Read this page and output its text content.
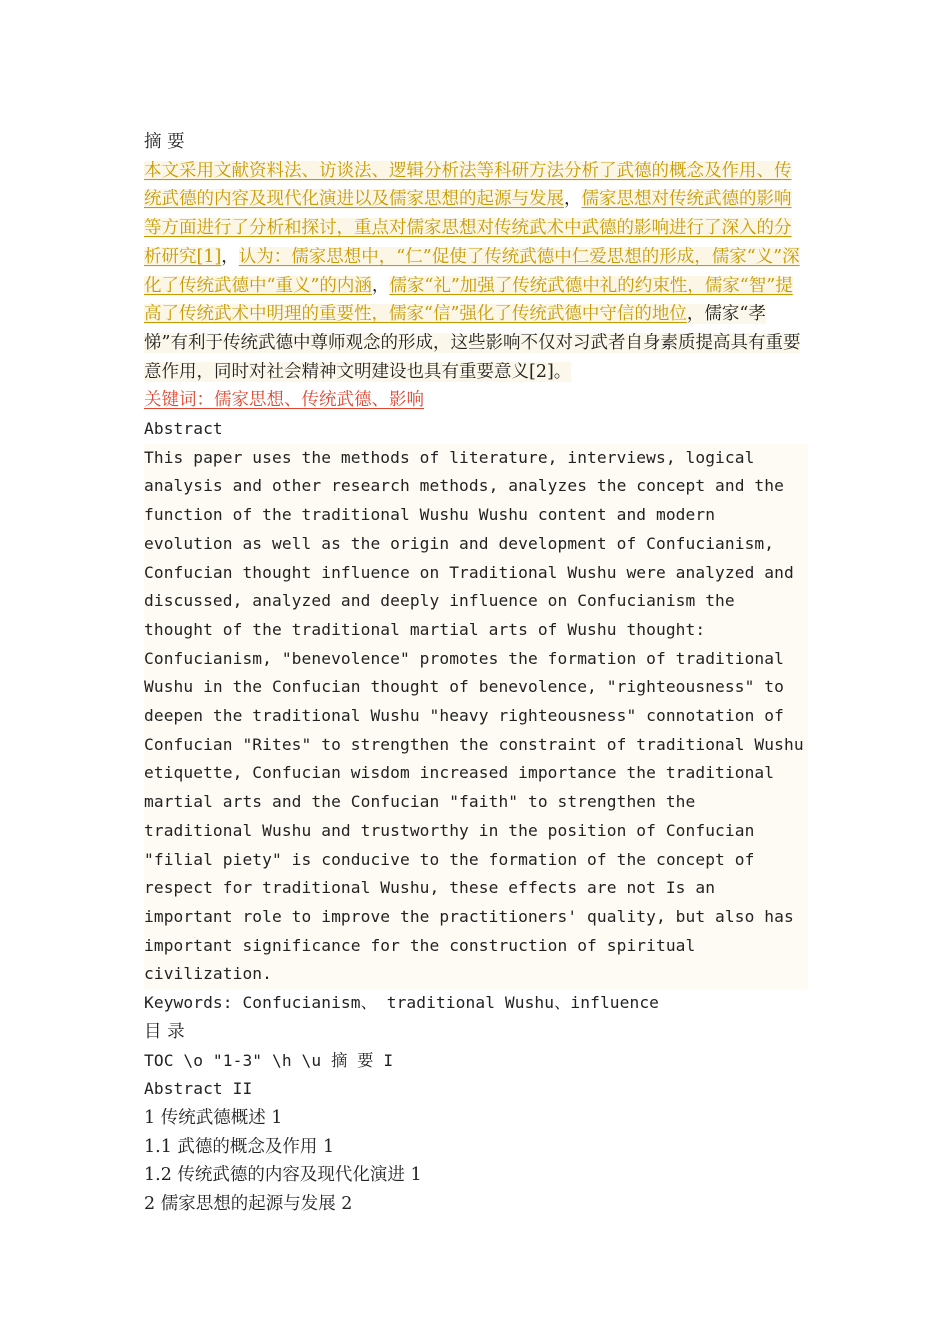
摘 要

本文采用文献资料法、访谈法、逻辑分析法等科研方法分析了武德的概念及作用、传统武德的内容及现代化演进以及儒家思想的起源与发展，儒家思想对传统武德的影响等方面进行了分析和探讨，重点对儒家思想对传统武术中武德的影响进行了深入的分析研究[1]，认为：儒家思想中，“仁”促使了传统武德中仁爱思想的形成，儒家“义”深化了传统武德中“重义”的内涵，儒家“礼”加强了传统武德中礼的约束性，儒家“智”提高了传统武术中明理的重要性，儒家“信”强化了传统武德中守信的地位，儒家“孝悌”有利于传统武德中尊师观念的形成，这些影响不仅对习武者自身素质提高具有重要意作用，同时对社会精神文明建设也具有重要意义[2]。

关键词：儒家思想、传统武德、影响

Abstract

This paper uses the methods of literature, interviews, logical analysis and other research methods, analyzes the concept and the function of the traditional Wushu Wushu content and modern evolution as well as the origin and development of Confucianism, Confucian thought influence on Traditional Wushu were analyzed and discussed, analyzed and deeply influence on Confucianism the thought of the traditional martial arts of Wushu thought: Confucianism, "benevolence" promotes the formation of traditional Wushu in the Confucian thought of benevolence, "righteousness" to deepen the traditional Wushu "heavy righteousness" connotation of Confucian "Rites" to strengthen the constraint of traditional Wushu etiquette, Confucian wisdom increased importance the traditional martial arts and the Confucian "faith" to strengthen the traditional Wushu and trustworthy in the position of Confucian "filial piety" is conducive to the formation of the concept of respect for traditional Wushu, these effects are not Is an important role to improve the practitioners' quality, but also has important significance for the construction of spiritual civilization.

Keywords: Confucianism、 traditional Wushu、influence

目 录

TOC \o "1-3" \h \u 摘 要 I

Abstract II

1 传统武德概述 1

1.1 武德的概念及作用 1

1.2 传统武德的内容及现代化演进 1

2 儒家思想的起源与发展 2
